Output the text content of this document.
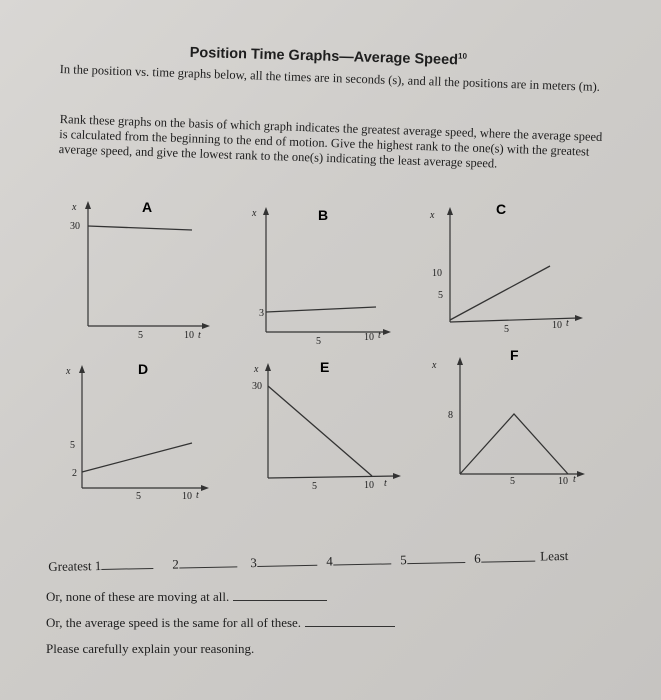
Position Time Graphs—Average Speed$^{10}$
In the position vs. time graphs below, all the times are in seconds (s), and all the positions are in meters (m).
Rank these graphs on the basis of which graph indicates the greatest average speed, where the average speed is calculated from the beginning to the end of motion. Give the highest rank to the one(s) with the greatest average speed, and give the lowest rank to the one(s) indicating the least average speed.
A
x
30
5	10 t
B
x
3
5	10 t
C
x
10
5
5	10 t
D
x
5
2
5	10 t
E
x
30
5	10 t
F
x
8
5	10 t
Greatest 1	2	3	4	5	6	Least
Or, none of these are moving at all.
Or, the average speed is the same for all of these.
Please carefully explain your reasoning.
